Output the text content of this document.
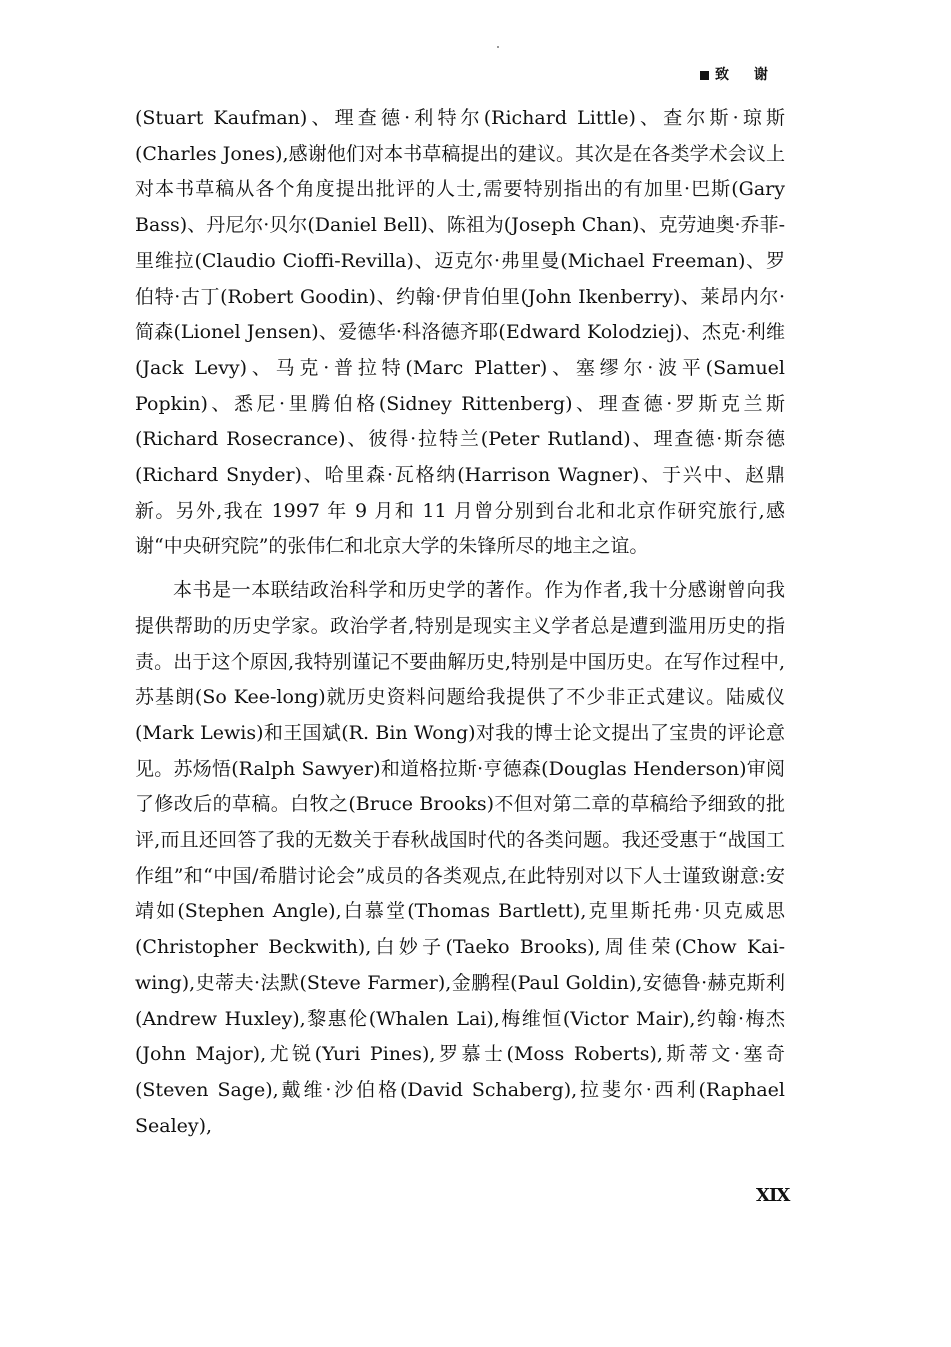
致 谢

(Stuart Kaufman)、理查德·利特尔(Richard Little)、查尔斯·琼斯(Charles Jones),感谢他们对本书草稿提出的建议。其次是在各类学术会议上对本书草稿从各个角度提出批评的人士,需要特别指出的有加里·巴斯(Gary Bass)、丹尼尔·贝尔(Daniel Bell)、陈祖为(Joseph Chan)、克劳迪奥·乔菲-里维拉(Claudio Cioffi-Revilla)、迈克尔·弗里曼(Michael Freeman)、罗伯特·古丁(Robert Goodin)、约翰·伊肯伯里(John Ikenberry)、莱昂内尔·简森(Lionel Jensen)、爱德华·科洛德齐耶(Edward Kolodziej)、杰克·利维(Jack Levy)、马克·普拉特(Marc Platter)、塞缪尔·波平(Samuel Popkin)、悉尼·里腾伯格(Sidney Rittenberg)、理查德·罗斯克兰斯(Richard Rosecrance)、彼得·拉特兰(Peter Rutland)、理查德·斯奈德(Richard Snyder)、哈里森·瓦格纳(Harrison Wagner)、于兴中、赵鼎新。另外,我在 1997 年 9 月和 11 月曾分别到台北和北京作研究旅行,感谢“中央研究院”的张伟仁和北京大学的朱锋所尽的地主之谊。

本书是一本联结政治科学和历史学的著作。作为作者,我十分感谢曾向我提供帮助的历史学家。政治学者,特别是现实主义学者总是遭到滥用历史的指责。出于这个原因,我特别谨记不要曲解历史,特别是中国历史。在写作过程中,苏基朗(So Kee-long)就历史资料问题给我提供了不少非正式建议。陆威仪(Mark Lewis)和王国斌(R. Bin Wong)对我的博士论文提出了宝贵的评论意见。苏炀悟(Ralph Sawyer)和道格拉斯·亨德森(Douglas Henderson)审阅了修改后的草稿。白牧之(Bruce Brooks)不但对第二章的草稿给予细致的批评,而且还回答了我的无数关于春秋战国时代的各类问题。我还受惠于“战国工作组”和“中国/希腊讨论会”成员的各类观点,在此特别对以下人士谨致谢意:安靖如(Stephen Angle),白慕堂(Thomas Bartlett),克里斯托弗·贝克威思(Christopher Beckwith),白妙子(Taeko Brooks),周佳荣(Chow Kai-wing),史蒂夫·法默(Steve Farmer),金鹏程(Paul Goldin),安德鲁·赫克斯利(Andrew Huxley),黎惠伦(Whalen Lai),梅维恒(Victor Mair),约翰·梅杰(John Major),尤锐(Yuri Pines),罗慕士(Moss Roberts),斯蒂文·塞奇(Steven Sage),戴维·沙伯格(David Schaberg),拉斐尔·西利(Raphael Sealey),

XIX
